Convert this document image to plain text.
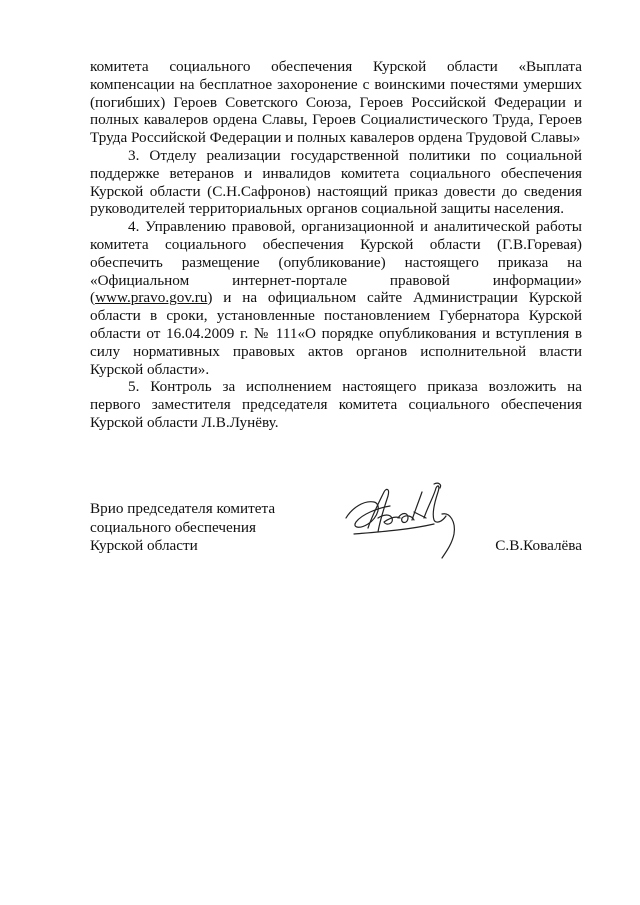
комитета социального обеспечения Курской области «Выплата компенсации на бесплатное захоронение с воинскими почестями умерших (погибших) Героев Советского Союза, Героев Российской Федерации и полных кавалеров ордена Славы, Героев Социалистического Труда, Героев Труда Российской Федерации и полных кавалеров ордена Трудовой Славы»

3. Отделу реализации государственной политики по социальной поддержке ветеранов и инвалидов комитета социального обеспечения Курской области (С.Н.Сафронов) настоящий приказ довести до сведения руководителей территориальных органов социальной защиты населения.

4. Управлению правовой, организационной и аналитической работы комитета социального обеспечения Курской области (Г.В.Горевая) обеспечить размещение (опубликование) настоящего приказа на «Официальном интернет-портале правовой информации» (www.pravo.gov.ru) и на официальном сайте Администрации Курской области в сроки, установленные постановлением Губернатора Курской области от 16.04.2009 г. № 111«О порядке опубликования и вступления в силу нормативных правовых актов органов исполнительной власти Курской области».

5. Контроль за исполнением настоящего приказа возложить на первого заместителя председателя комитета социального обеспечения Курской области Л.В.Лунёву.

Врио председателя комитета
социального обеспечения
Курской области	С.В.Ковалёва
